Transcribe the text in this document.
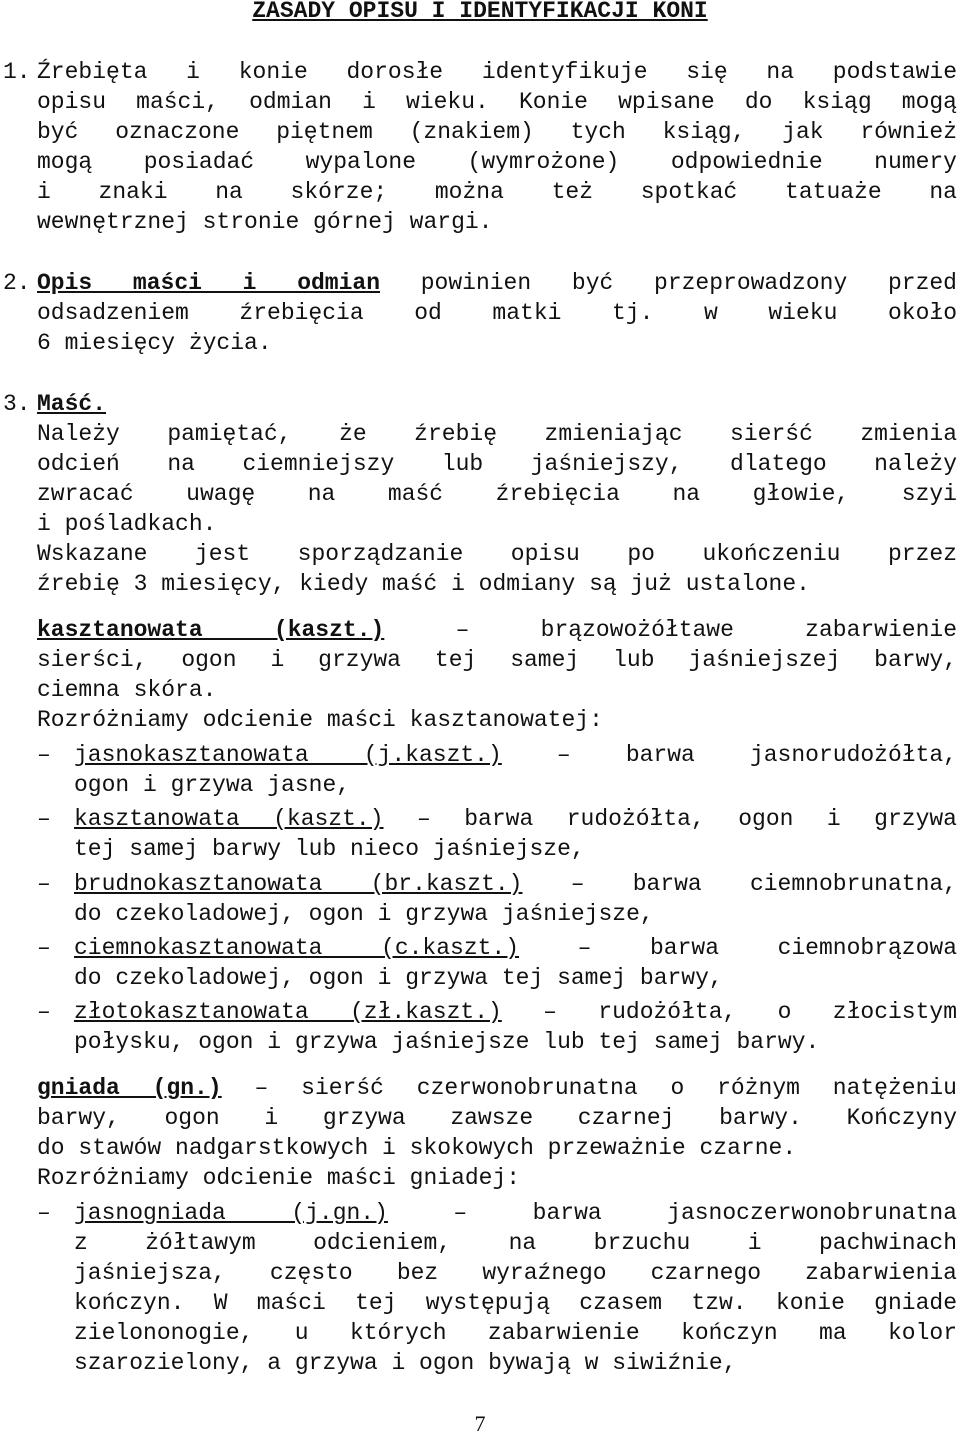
ZASADY OPISU I IDENTYFIKACJI KONI
1. Źrebięta i konie dorosłe identyfikuje się na podstawie
opisu maści, odmian i wieku. Konie wpisane do ksiąg mogą
być oznaczone piętnem (znakiem) tych ksiąg, jak również
mogą posiadać wypalone (wymrożone) odpowiednie numery
i znaki na skórze; można też spotkać tatuaże na
wewnętrznej stronie górnej wargi.
2. Opis maści i odmian powinien być przeprowadzony przed
odsadzeniem źrebięcia od matki tj. w wieku około
6 miesięcy życia.
3. Maść.
Należy pamiętać, że źrebię zmieniając sierść zmienia
odcień na ciemniejszy lub jaśniejszy, dlatego należy
zwracać uwagę na maść źrebięcia na głowie, szyi
i pośladkach.
Wskazane jest sporządzanie opisu po ukończeniu przez
źrebię 3 miesięcy, kiedy maść i odmiany są już ustalone.
kasztanowata (kaszt.) – brązowożółtawe zabarwienie
sierści, ogon i grzywa tej samej lub jaśniejszej barwy,
ciemna skóra.
Rozróżniamy odcienie maści kasztanowatej:
– jasnokasztanowata (j.kaszt.) – barwa jasnorudożółta,
ogon i grzywa jasne,
– kasztanowata (kaszt.) – barwa rudożółta, ogon i grzywa
tej samej barwy lub nieco jaśniejsze,
– brudnokasztanowata (br.kaszt.) – barwa ciemnobrunatna,
do czekoladowej, ogon i grzywa jaśniejsze,
– ciemnokasztanowata (c.kaszt.) – barwa ciemnobrązowa
do czekoladowej, ogon i grzywa tej samej barwy,
– złotokasztanowata (zł.kaszt.) – rudożółta, o złocistym
połysku, ogon i grzywa jaśniejsze lub tej samej barwy.
gniada (gn.) – sierść czerwonobrunatna o różnym natężeniu
barwy, ogon i grzywa zawsze czarnej barwy. Kończyny
do stawów nadgarstkowych i skokowych przeważnie czarne.
Rozróżniamy odcienie maści gniadej:
– jasnogniada (j.gn.) – barwa jasnoczerwonobrunatna
z żółtawym odcieniem, na brzuchu i pachwinach
jaśniejsza, często bez wyraźnego czarnego zabarwienia
kończyn. W maści tej występują czasem tzw. konie gniade
zielononogie, u których zabarwienie kończyn ma kolor
szarozielony, a grzywa i ogon bywają w siwiźnie,
7
